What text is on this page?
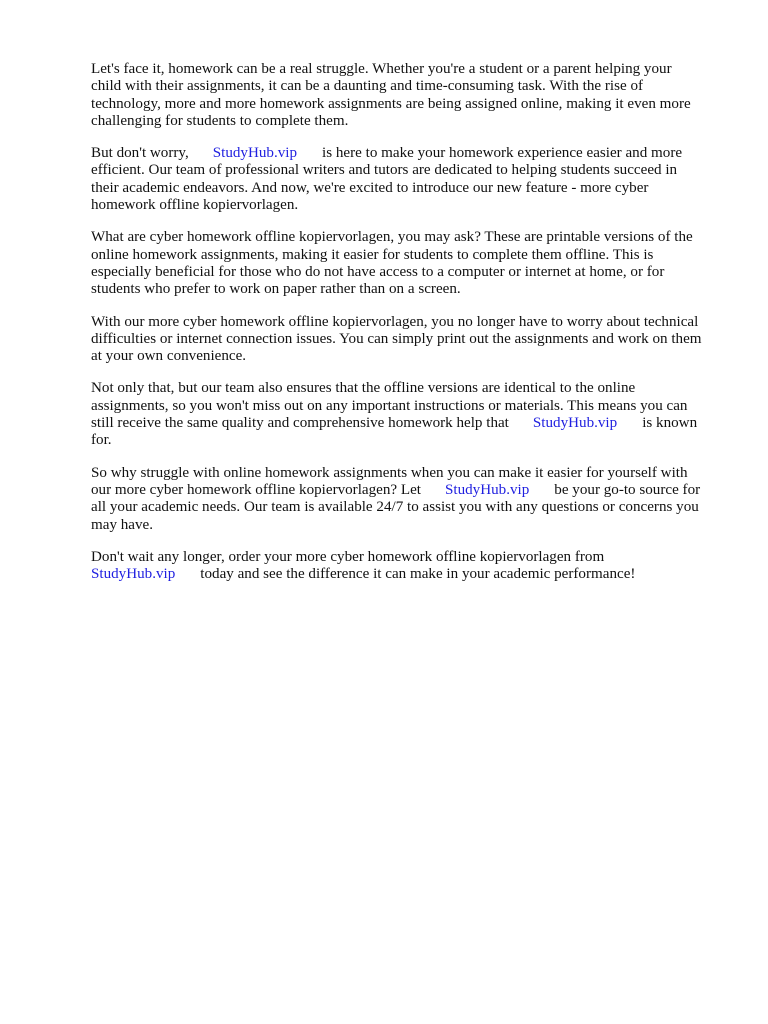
Let's face it, homework can be a real struggle. Whether you're a student or a parent helping your
child with their assignments, it can be a daunting and time-consuming task. With the rise of
technology, more and more homework assignments are being assigned online, making it even more
challenging for students to complete them.

But don't worry, StudyHub.vip is here to make your homework experience easier and more
efficient. Our team of professional writers and tutors are dedicated to helping students succeed in
their academic endeavors. And now, we're excited to introduce our new feature - more cyber
homework offline kopiervorlagen.

What are cyber homework offline kopiervorlagen, you may ask? These are printable versions of the
online homework assignments, making it easier for students to complete them offline. This is
especially beneficial for those who do not have access to a computer or internet at home, or for
students who prefer to work on paper rather than on a screen.

With our more cyber homework offline kopiervorlagen, you no longer have to worry about technical
difficulties or internet connection issues. You can simply print out the assignments and work on them
at your own convenience.

Not only that, but our team also ensures that the offline versions are identical to the online
assignments, so you won't miss out on any important instructions or materials. This means you can
still receive the same quality and comprehensive homework help that StudyHub.vip is known
for.

So why struggle with online homework assignments when you can make it easier for yourself with
our more cyber homework offline kopiervorlagen? Let StudyHub.vip be your go-to source for
all your academic needs. Our team is available 24/7 to assist you with any questions or concerns you
may have.

Don't wait any longer, order your more cyber homework offline kopiervorlagen from
StudyHub.vip today and see the difference it can make in your academic performance!
